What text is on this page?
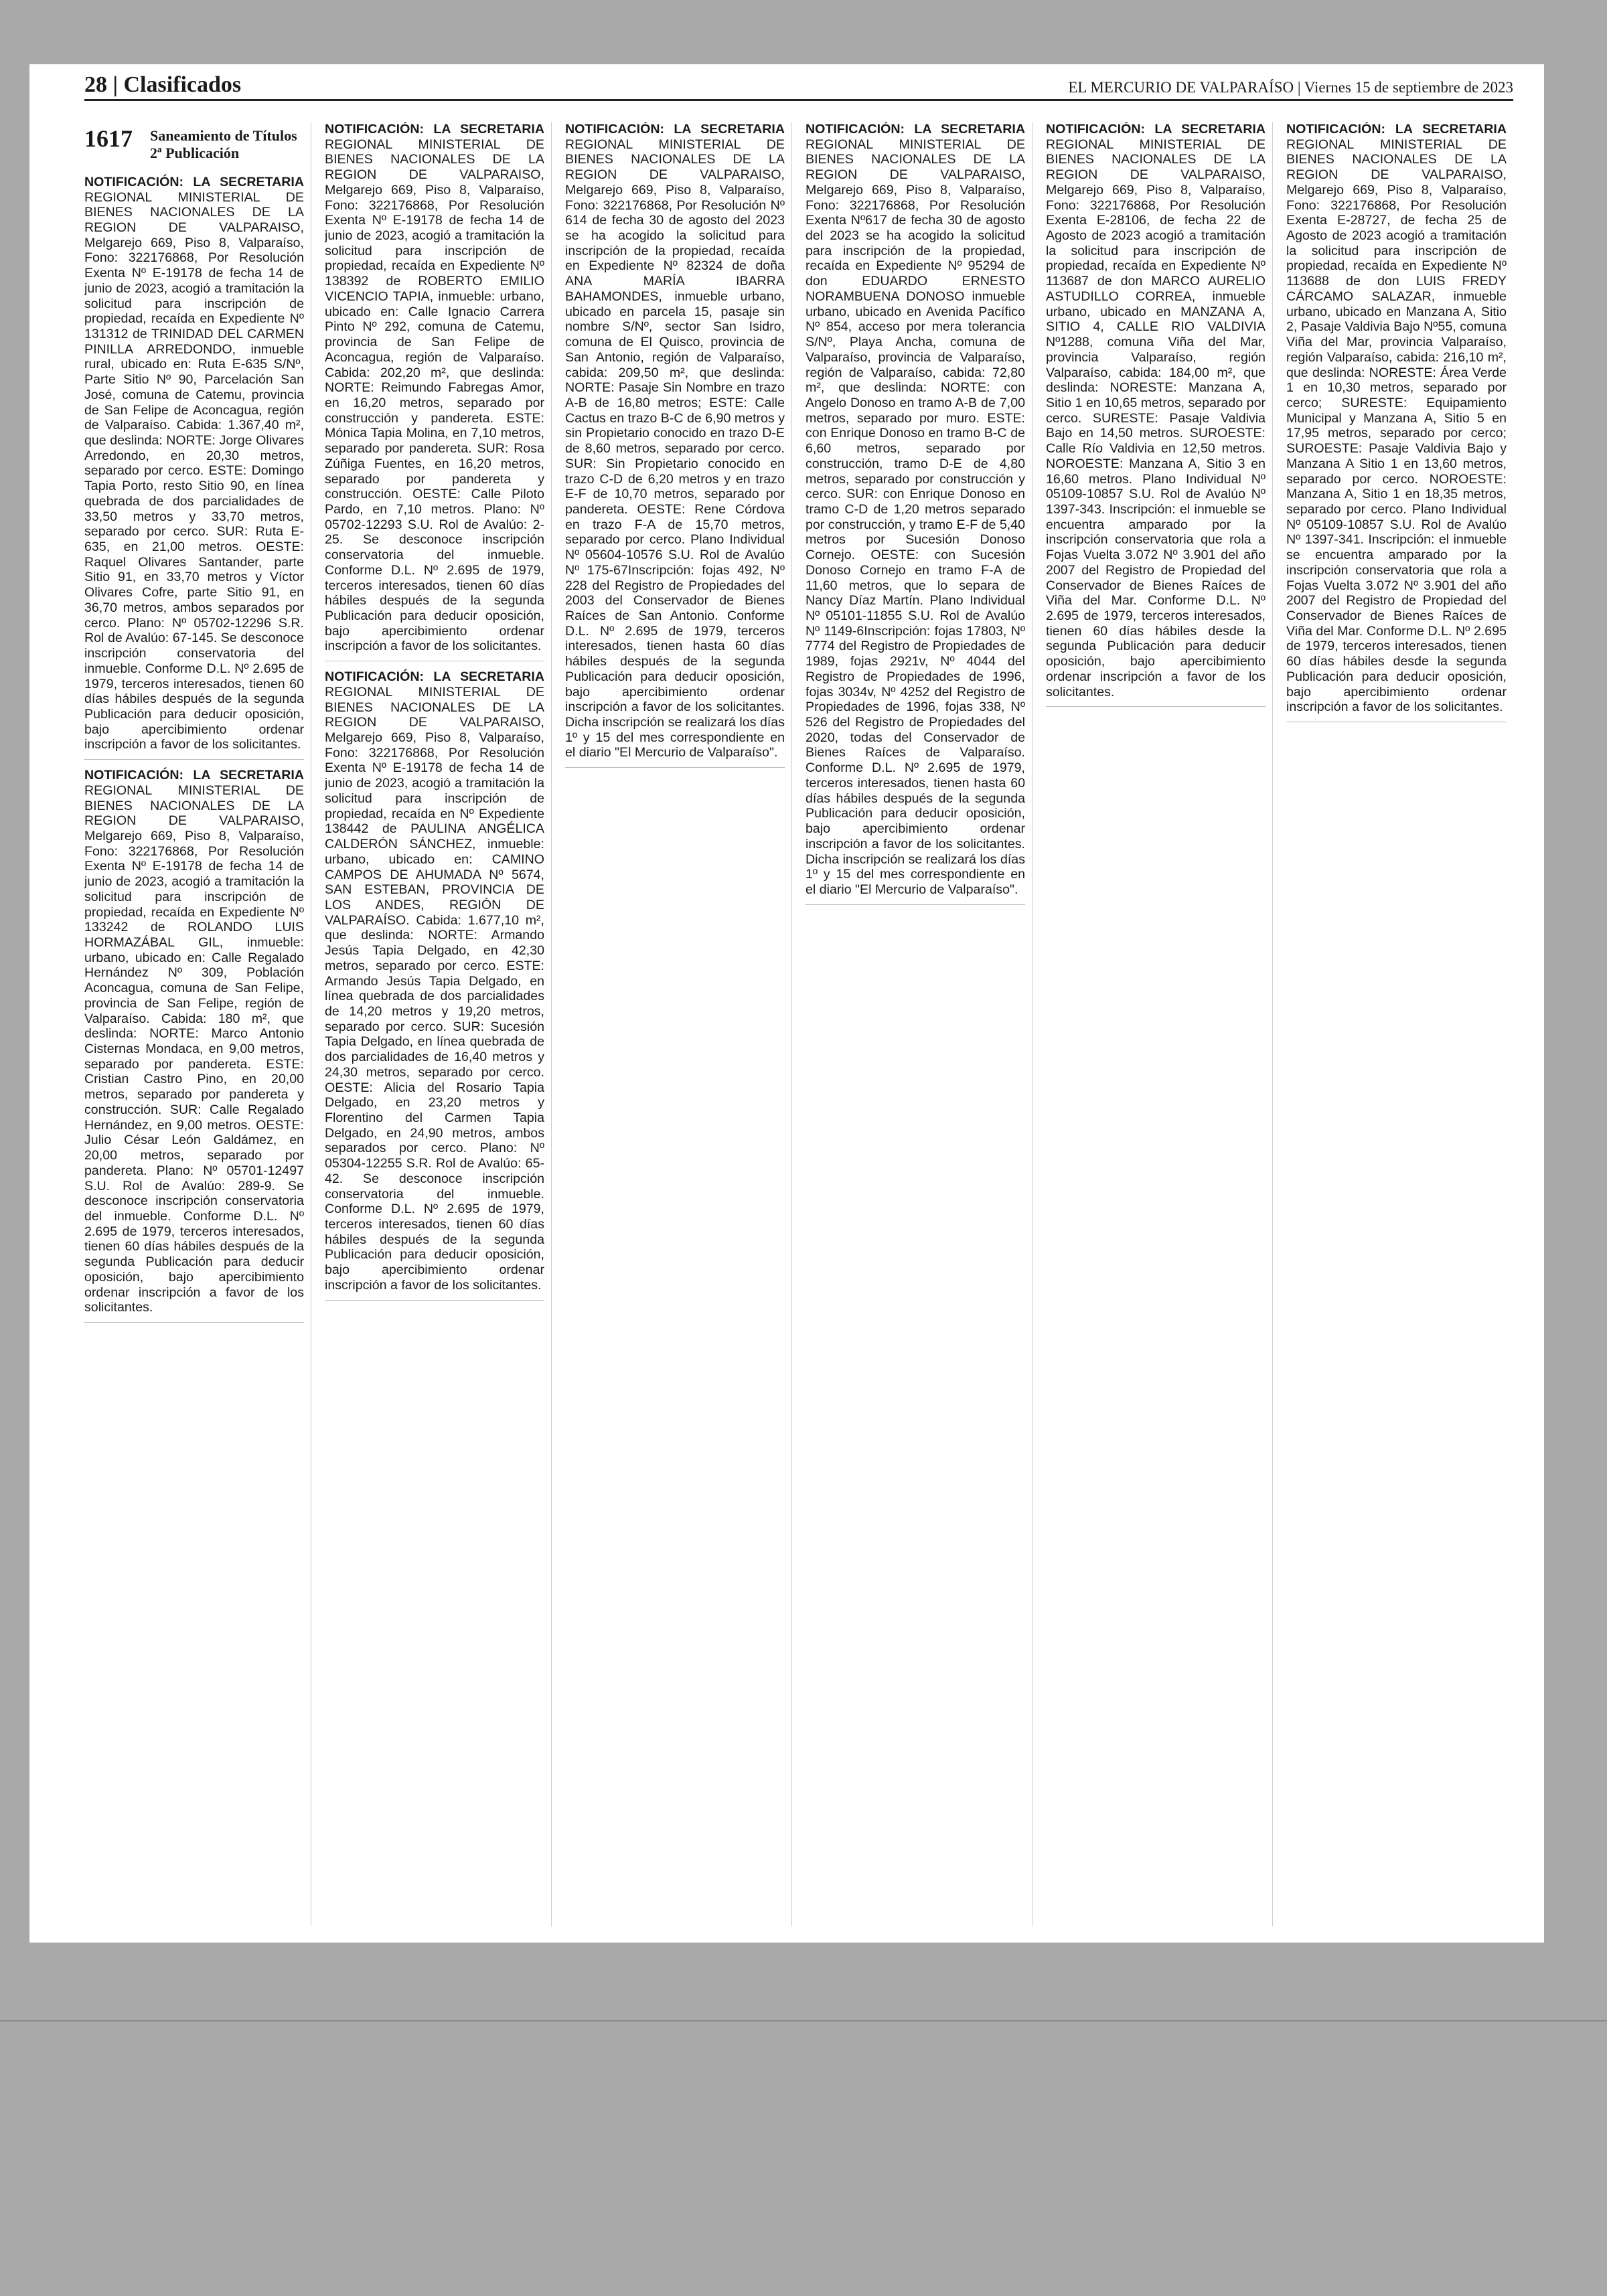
28 | Clasificados	EL MERCURIO DE VALPARAÍSO | Viernes 15 de septiembre de 2023
1617 Saneamiento de Títulos
2ª Publicación

NOTIFICACIÓN: LA SECRETARIA REGIONAL MINISTERIAL DE BIENES NACIONALES DE LA REGION DE VALPARAISO, Melgarejo 669, Piso 8, Valparaíso, Fono: 322176868, Por Resolución Exenta Nº E-19178 de fecha 14 de junio de 2023, acogió a tramitación la solicitud para inscripción de propiedad, recaída en Expediente Nº 131312 de TRINIDAD DEL CARMEN PINILLA ARREDONDO, inmueble rural, ubicado en: Ruta E-635 S/Nº, Parte Sitio Nº 90, Parcelación San José, comuna de Catemu, provincia de San Felipe de Aconcagua, región de Valparaíso. Cabida: 1.367,40 m², que deslinda: NORTE: Jorge Olivares Arredondo, en 20,30 metros, separado por cerco. ESTE: Domingo Tapia Porto, resto Sitio 90, en línea quebrada de dos parcialidades de 33,50 metros y 33,70 metros, separado por cerco. SUR: Ruta E-635, en 21,00 metros. OESTE: Raquel Olivares Santander, parte Sitio 91, en 33,70 metros y Víctor Olivares Cofre, parte Sitio 91, en 36,70 metros, ambos separados por cerco. Plano: Nº 05702-12296 S.R. Rol de Avalúo: 67-145. Se desconoce inscripción conservatoria del inmueble. Conforme D.L. Nº 2.695 de 1979, terceros interesados, tienen 60 días hábiles después de la segunda Publicación para deducir oposición, bajo apercibimiento ordenar inscripción a favor de los solicitantes.

NOTIFICACIÓN: LA SECRETARIA REGIONAL MINISTERIAL DE BIENES NACIONALES DE LA REGION DE VALPARAISO, Melgarejo 669, Piso 8, Valparaíso, Fono: 322176868, Por Resolución Exenta Nº E-19178 de fecha 14 de junio de 2023, acogió a tramitación la solicitud para inscripción de propiedad, recaída en Expediente Nº 133242 de ROLANDO LUIS HORMAZÁBAL GIL, inmueble: urbano, ubicado en: Calle Regalado Hernández Nº 309, Población Aconcagua, comuna de San Felipe, provincia de San Felipe, región de Valparaíso. Cabida: 180 m², que deslinda: NORTE: Marco Antonio Cisternas Mondaca, en 9,00 metros, separado por pandereta. ESTE: Cristian Castro Pino, en 20,00 metros, separado por pandereta y construcción. SUR: Calle Regalado Hernández, en 9,00 metros. OESTE: Julio César León Galdámez, en 20,00 metros, separado por pandereta. Plano: Nº 05701-12497 S.U. Rol de Avalúo: 289-9. Se desconoce inscripción conservatoria del inmueble. Conforme D.L. Nº 2.695 de 1979, terceros interesados, tienen 60 días hábiles después de la segunda Publicación para deducir oposición, bajo apercibimiento ordenar inscripción a favor de los solicitantes.

NOTIFICACIÓN: LA SECRETARIA REGIONAL MINISTERIAL DE BIENES NACIONALES DE LA REGION DE VALPARAISO, Melgarejo 669, Piso 8, Valparaíso, Fono: 322176868, Por Resolución Exenta Nº E-19178 de fecha 14 de junio de 2023, acogió a tramitación la solicitud para inscripción de propiedad, recaída en Expediente Nº 138392 de ROBERTO EMILIO VICENCIO TAPIA, inmueble: urbano, ubicado en: Calle Ignacio Carrera Pinto Nº 292, comuna de Catemu, provincia de San Felipe de Aconcagua, región de Valparaíso. Cabida: 202,20 m², que deslinda: NORTE: Reimundo Fabregas Amor, en 16,20 metros, separado por construcción y pandereta. ESTE: Mónica Tapia Molina, en 7,10 metros, separado por pandereta. SUR: Rosa Zúñiga Fuentes, en 16,20 metros, separado por pandereta y construcción. OESTE: Calle Piloto Pardo, en 7,10 metros. Plano: Nº 05702-12293 S.U. Rol de Avalúo: 2-25. Se desconoce inscripción conservatoria del inmueble. Conforme D.L. Nº 2.695 de 1979, terceros interesados, tienen 60 días hábiles después de la segunda Publicación para deducir oposición, bajo apercibimiento ordenar inscripción a favor de los solicitantes.

NOTIFICACIÓN: LA SECRETARIA REGIONAL MINISTERIAL DE BIENES NACIONALES DE LA REGION DE VALPARAISO, Melgarejo 669, Piso 8, Valparaíso, Fono: 322176868, Por Resolución Exenta Nº E-19178 de fecha 14 de junio de 2023, acogió a tramitación la solicitud para inscripción de propiedad, recaída en Nº Expediente 138442 de PAULINA ANGÉLICA CALDERÓN SÁNCHEZ, inmueble: urbano, ubicado en: CAMINO CAMPOS DE AHUMADA Nº 5674, SAN ESTEBAN, PROVINCIA DE LOS ANDES, REGIÓN DE VALPARAÍSO. Cabida: 1.677,10 m², que deslinda: NORTE: Armando Jesús Tapia Delgado, en 42,30 metros, separado por cerco. ESTE: Armando Jesús Tapia Delgado, en línea quebrada de dos parcialidades de 14,20 metros y 19,20 metros, separado por cerco. SUR: Sucesión Tapia Delgado, en línea quebrada de dos parcialidades de 16,40 metros y 24,30 metros, separado por cerco. OESTE: Alicia del Rosario Tapia Delgado, en 23,20 metros y Florentino del Carmen Tapia Delgado, en 24,90 metros, ambos separados por cerco. Plano: Nº 05304-12255 S.R. Rol de Avalúo: 65-42. Se desconoce inscripción conservatoria del inmueble. Conforme D.L. Nº 2.695 de 1979, terceros interesados, tienen 60 días hábiles después de la segunda Publicación para deducir oposición, bajo apercibimiento ordenar inscripción a favor de los solicitantes.

NOTIFICACIÓN: LA SECRETARIA REGIONAL MINISTERIAL DE BIENES NACIONALES DE LA REGION DE VALPARAISO, Melgarejo 669, Piso 8, Valparaíso, Fono: 322176868, Por Resolución Nº 614 de fecha 30 de agosto del 2023 se ha acogido la solicitud para inscripción de la propiedad, recaída en Expediente Nº 82324 de doña ANA MARÍA IBARRA BAHAMONDES, inmueble urbano, ubicado en parcela 15, pasaje sin nombre S/Nº, sector San Isidro, comuna de El Quisco, provincia de San Antonio, región de Valparaíso, cabida: 209,50 m², que deslinda: NORTE: Pasaje Sin Nombre en trazo A-B de 16,80 metros; ESTE: Calle Cactus en trazo B-C de 6,90 metros y sin Propietario conocido en trazo D-E de 8,60 metros, separado por cerco. SUR: Sin Propietario conocido en trazo C-D de 6,20 metros y en trazo E-F de 10,70 metros, separado por pandereta. OESTE: Rene Córdova en trazo F-A de 15,70 metros, separado por cerco. Plano Individual Nº 05604-10576 S.U. Rol de Avalúo Nº 175-67Inscripción: fojas 492, Nº 228 del Registro de Propiedades del 2003 del Conservador de Bienes Raíces de San Antonio. Conforme D.L. Nº 2.695 de 1979, terceros interesados, tienen hasta 60 días hábiles después de la segunda Publicación para deducir oposición, bajo apercibimiento ordenar inscripción a favor de los solicitantes. Dicha inscripción se realizará los días 1º y 15 del mes correspondiente en el diario "El Mercurio de Valparaíso".

NOTIFICACIÓN: LA SECRETARIA REGIONAL MINISTERIAL DE BIENES NACIONALES DE LA REGION DE VALPARAISO, Melgarejo 669, Piso 8, Valparaíso, Fono: 322176868, Por Resolución Exenta Nº617 de fecha 30 de agosto del 2023 se ha acogido la solicitud para inscripción de la propiedad, recaída en Expediente Nº 95294 de don EDUARDO ERNESTO NORAMBUENA DONOSO inmueble urbano, ubicado en Avenida Pacífico Nº 854, acceso por mera tolerancia S/Nº, Playa Ancha, comuna de Valparaíso, provincia de Valparaíso, región de Valparaíso, cabida: 72,80 m², que deslinda: NORTE: con Angelo Donoso en tramo A-B de 7,00 metros, separado por muro. ESTE: con Enrique Donoso en tramo B-C de 6,60 metros, separado por construcción, tramo D-E de 4,80 metros, separado por construcción y cerco. SUR: con Enrique Donoso en tramo C-D de 1,20 metros separado por construcción, y tramo E-F de 5,40 metros por Sucesión Donoso Cornejo. OESTE: con Sucesión Donoso Cornejo en tramo F-A de 11,60 metros, que lo separa de Nancy Díaz Martín. Plano Individual Nº 05101-11855 S.U. Rol de Avalúo Nº 1149-6Inscripción: fojas 17803, Nº 7774 del Registro de Propiedades de 1989, fojas 2921v, Nº 4044 del Registro de Propiedades de 1996, fojas 3034v, Nº 4252 del Registro de Propiedades de 1996, fojas 338, Nº 526 del Registro de Propiedades del 2020, todas del Conservador de Bienes Raíces de Valparaíso. Conforme D.L. Nº 2.695 de 1979, terceros interesados, tienen hasta 60 días hábiles después de la segunda Publicación para deducir oposición, bajo apercibimiento ordenar inscripción a favor de los solicitantes. Dicha inscripción se realizará los días 1º y 15 del mes correspondiente en el diario "El Mercurio de Valparaíso".

NOTIFICACIÓN: LA SECRETARIA REGIONAL MINISTERIAL DE BIENES NACIONALES DE LA REGION DE VALPARAISO, Melgarejo 669, Piso 8, Valparaíso, Fono: 322176868, Por Resolución Exenta E-28106, de fecha 22 de Agosto de 2023 acogió a tramitación la solicitud para inscripción de propiedad, recaída en Expediente Nº 113687 de don MARCO AURELIO ASTUDILLO CORREA, inmueble urbano, ubicado en MANZANA A, SITIO 4, CALLE RIO VALDIVIA Nº1288, comuna Viña del Mar, provincia Valparaíso, región Valparaíso, cabida: 184,00 m², que deslinda: NORESTE: Manzana A, Sitio 1 en 10,65 metros, separado por cerco. SURESTE: Pasaje Valdivia Bajo en 14,50 metros. SUROESTE: Calle Río Valdivia en 12,50 metros. NOROESTE: Manzana A, Sitio 3 en 16,60 metros. Plano Individual Nº 05109-10857 S.U. Rol de Avalúo Nº 1397-343. Inscripción: el inmueble se encuentra amparado por la inscripción conservatoria que rola a Fojas Vuelta 3.072 Nº 3.901 del año 2007 del Registro de Propiedad del Conservador de Bienes Raíces de Viña del Mar. Conforme D.L. Nº 2.695 de 1979, terceros interesados, tienen 60 días hábiles desde la segunda Publicación para deducir oposición, bajo apercibimiento ordenar inscripción a favor de los solicitantes.

NOTIFICACIÓN: LA SECRETARIA REGIONAL MINISTERIAL DE BIENES NACIONALES DE LA REGION DE VALPARAISO, Melgarejo 669, Piso 8, Valparaíso, Fono: 322176868, Por Resolución Exenta E-28727, de fecha 25 de Agosto de 2023 acogió a tramitación la solicitud para inscripción de propiedad, recaída en Expediente Nº 113688 de don LUIS FREDY CÁRCAMO SALAZAR, inmueble urbano, ubicado en Manzana A, Sitio 2, Pasaje Valdivia Bajo Nº55, comuna Viña del Mar, provincia Valparaíso, región Valparaíso, cabida: 216,10 m², que deslinda: NORESTE: Área Verde 1 en 10,30 metros, separado por cerco; SURESTE: Equipamiento Municipal y Manzana A, Sitio 5 en 17,95 metros, separado por cerco; SUROESTE: Pasaje Valdivia Bajo y Manzana A Sitio 1 en 13,60 metros, separado por cerco. NOROESTE: Manzana A, Sitio 1 en 18,35 metros, separado por cerco. Plano Individual Nº 05109-10857 S.U. Rol de Avalúo Nº 1397-341. Inscripción: el inmueble se encuentra amparado por la inscripción conservatoria que rola a Fojas Vuelta 3.072 Nº 3.901 del año 2007 del Registro de Propiedad del Conservador de Bienes Raíces de Viña del Mar. Conforme D.L. Nº 2.695 de 1979, terceros interesados, tienen 60 días hábiles desde la segunda Publicación para deducir oposición, bajo apercibimiento ordenar inscripción a favor de los solicitantes.
